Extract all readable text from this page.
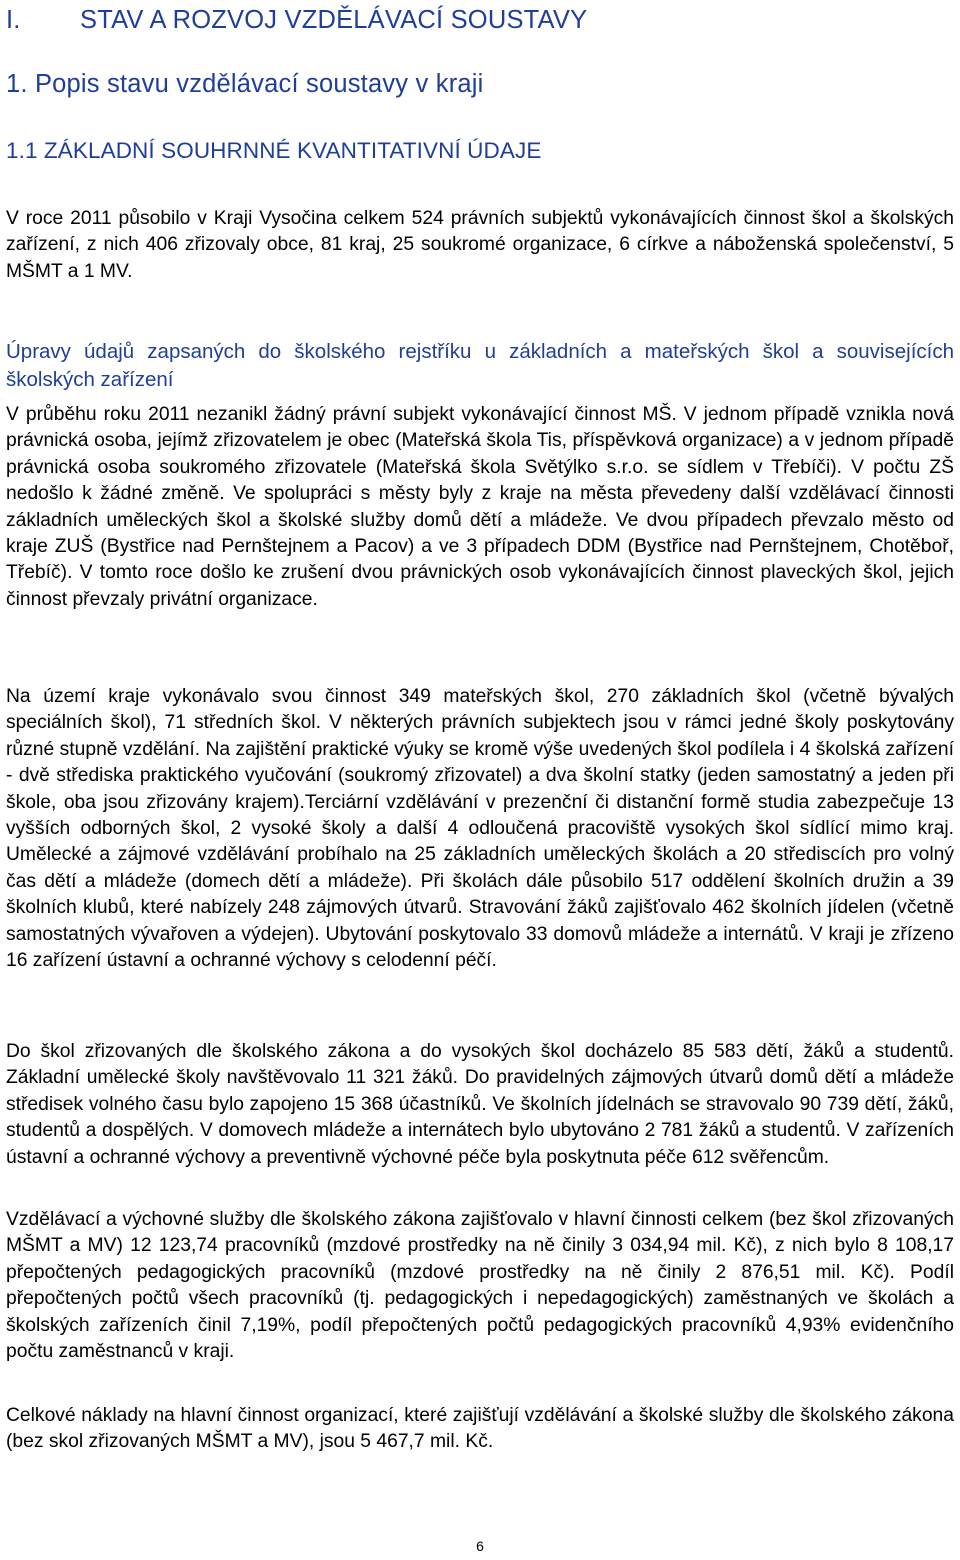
I. STAV A ROZVOJ VZDĚLÁVACÍ SOUSTAVY
1. Popis stavu vzdělávací soustavy v kraji
1.1 ZÁKLADNÍ SOUHRNNÉ KVANTITATIVNÍ ÚDAJE

V roce 2011 působilo v Kraji Vysočina celkem 524 právních subjektů vykonávajících činnost škol a školských zařízení, z nich 406 zřizovaly obce, 81 kraj, 25 soukromé organizace, 6 církve a náboženská společenství, 5 MŠMT a 1 MV.

Úpravy údajů zapsaných do školského rejstříku u základních a mateřských škol a souvisejících školských zařízení

V průběhu roku 2011 nezanikl žádný právní subjekt vykonávající činnost MŠ. V jednom případě vznikla nová právnická osoba, jejímž zřizovatelem je obec (Mateřská škola Tis, příspěvková organizace) a v jednom případě právnická osoba soukromého zřizovatele (Mateřská škola Světýlko s.r.o. se sídlem v Třebíči). V počtu ZŠ nedošlo k žádné změně. Ve spolupráci s městy byly z kraje na města převedeny další vzdělávací činnosti základních uměleckých škol a školské služby domů dětí a mládeže. Ve dvou případech převzalo město od kraje ZUŠ (Bystřice nad Pernštejnem a Pacov) a ve 3 případech DDM (Bystřice nad Pernštejnem, Chotěboř, Třebíč). V tomto roce došlo ke zrušení dvou právnických osob vykonávajících činnost plaveckých škol, jejich činnost převzaly privátní organizace.

Na území kraje vykonávalo svou činnost 349 mateřských škol, 270 základních škol (včetně bývalých speciálních škol), 71 středních škol. V některých právních subjektech jsou v rámci jedné školy poskytovány různé stupně vzdělání. Na zajištění praktické výuky se kromě výše uvedených škol podílela i 4 školská zařízení - dvě střediska praktického vyučování (soukromý zřizovatel) a dva školní statky (jeden samostatný a jeden při škole, oba jsou zřizovány krajem).Terciární vzdělávání v prezenční či distanční formě studia zabezpečuje 13 vyšších odborných škol, 2 vysoké školy a další 4 odloučená pracoviště vysokých škol sídlící mimo kraj. Umělecké a zájmové vzdělávání probíhalo na 25 základních uměleckých školách a 20 střediscích pro volný čas dětí a mládeže (domech dětí a mládeže). Při školách dále působilo 517 oddělení školních družin a 39 školních klubů, které nabízely 248 zájmových útvarů. Stravování žáků zajišťovalo 462 školních jídelen (včetně samostatných vývařoven a výdejen). Ubytování poskytovalo 33 domovů mládeže a internátů. V kraji je zřízeno 16 zařízení ústavní a ochranné výchovy s celodenní péčí.

Do škol zřizovaných dle školského zákona a do vysokých škol docházelo 85 583 dětí, žáků a studentů. Základní umělecké školy navštěvovalo 11 321 žáků. Do pravidelných zájmových útvarů domů dětí a mládeže středisek volného času bylo zapojeno 15 368 účastníků. Ve školních jídelnách se stravovalo 90 739 dětí, žáků, studentů a dospělých. V domovech mládeže a internátech bylo ubytováno 2 781 žáků a studentů. V zařízeních ústavní a ochranné výchovy a preventivně výchovné péče byla poskytnuta péče 612 svěřencům.

Vzdělávací a výchovné služby dle školského zákona zajišťovalo v hlavní činnosti celkem (bez škol zřizovaných MŠMT a MV) 12 123,74 pracovníků (mzdové prostředky na ně činily 3 034,94 mil. Kč), z nich bylo 8 108,17 přepočtených pedagogických pracovníků (mzdové prostředky na ně činily 2 876,51 mil. Kč). Podíl přepočtených počtů všech pracovníků (tj. pedagogických i nepedagogických) zaměstnaných ve školách a školských zařízeních činil 7,19%, podíl přepočtených počtů pedagogických pracovníků 4,93% evidenčního počtu zaměstnanců v kraji.

Celkové náklady na hlavní činnost organizací, které zajišťují vzdělávání a školské služby dle školského zákona (bez skol zřizovaných MŠMT a MV), jsou 5 467,7 mil. Kč.

6
